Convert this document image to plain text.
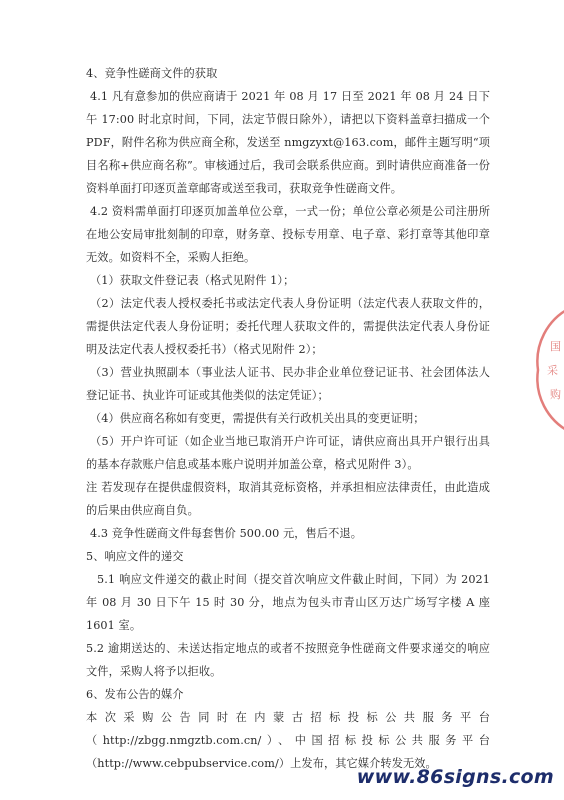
4、竞争性磋商文件的获取

4.1 凡有意参加的供应商请于 2021 年 08 月 17 日至 2021 年 08 月 24 日下午 17:00 时北京时间，下同，法定节假日除外），请把以下资料盖章扫描成一个 PDF，附件名称为供应商全称，发送至 nmgzyxt@163.com，邮件主题写明“项目名称+供应商名称”。审核通过后，我司会联系供应商。到时请供应商准备一份资料单面打印逐页盖章邮寄或送至我司，获取竞争性磋商文件。

4.2 资料需单面打印逐页加盖单位公章，一式一份；单位公章必须是公司注册所在地公安局审批刻制的印章，财务章、投标专用章、电子章、彩打章等其他印章无效。如资料不全，采购人拒绝。

（1）获取文件登记表（格式见附件 1）；

（2）法定代表人授权委托书或法定代表人身份证明（法定代表人获取文件的，需提供法定代表人身份证明；委托代理人获取文件的，需提供法定代表人身份证明及法定代表人授权委托书）（格式见附件 2）；

（3）营业执照副本（事业法人证书、民办非企业单位登记证书、社会团体法人登记证书、执业许可证或其他类似的法定凭证）；

（4）供应商名称如有变更，需提供有关行政机关出具的变更证明；

（5）开户许可证（如企业当地已取消开户许可证，请供应商出具开户银行出具的基本存款账户信息或基本账户说明并加盖公章，格式见附件 3）。

注 若发现存在提供虚假资料，取消其竞标资格，并承担相应法律责任，由此造成的后果由供应商自负。

4.3 竞争性磋商文件每套售价 500.00 元，售后不退。

5、响应文件的递交

5.1 响应文件递交的截止时间（提交首次响应文件截止时间，下同）为 2021 年 08 月 30 日下午 15 时 30 分，地点为包头市青山区万达广场写字楼 A 座 1601 室。

5.2 逾期送达的、未送达指定地点的或者不按照竞争性磋商文件要求递交的响应文件，采购人将予以拒收。

6、发布公告的媒介

本次采购公告同时在内蒙古招标投标公共服务平台（http://zbgg.nmgztb.com.cn/）、中国招标投标公共服务平台（http://www.cebpubservice.com/）上发布，其它媒介转发无效。

国
采
购
www.86signs.com
